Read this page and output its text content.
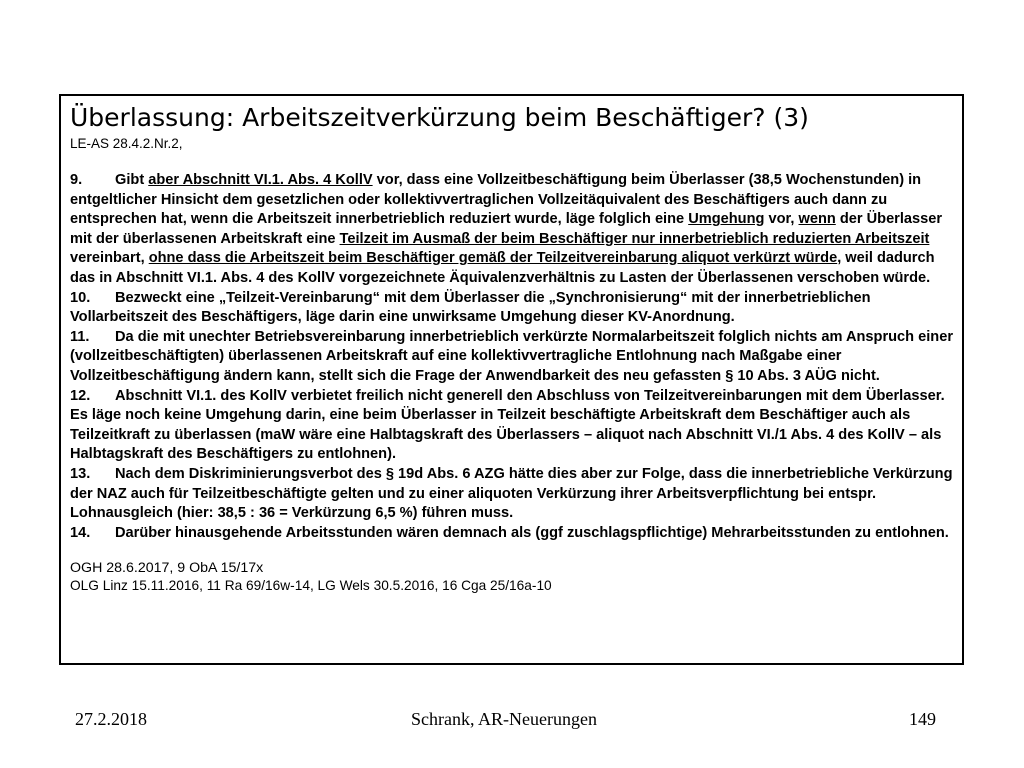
Überlassung: Arbeitszeitverkürzung beim Beschäftiger? (3)
LE-AS 28.4.2.Nr.2,
9. Gibt aber Abschnitt VI.1. Abs. 4 KollV vor, dass eine Vollzeitbeschäftigung beim Überlasser (38,5 Wochenstunden) in entgeltlicher Hinsicht dem gesetzlichen oder kollektivvertraglichen Vollzeitäquivalent des Beschäftigers auch dann zu entsprechen hat, wenn die Arbeitszeit innerbetrieblich reduziert wurde, läge folglich eine Umgehung vor, wenn der Überlasser mit der überlassenen Arbeitskraft eine Teilzeit im Ausmaß der beim Beschäftiger nur innerbetrieblich reduzierten Arbeitszeit vereinbart, ohne dass die Arbeitszeit beim Beschäftiger gemäß der Teilzeitvereinbarung aliquot verkürzt würde, weil dadurch das in Abschnitt VI.1. Abs. 4 des KollV vorgezeichnete Äquivalenzverhältnis zu Lasten der Überlassenen verschoben würde.
10. Bezweckt eine „Teilzeit-Vereinbarung“ mit dem Überlasser die „Synchronisierung“ mit der innerbetrieblichen Vollarbeitszeit des Beschäftigers, läge darin eine unwirksame Umgehung dieser KV-Anordnung.
11. Da die mit unechter Betriebsvereinbarung innerbetrieblich verkürzte Normalarbeitszeit folglich nichts am Anspruch einer (vollzeitbeschäftigten) überlassenen Arbeitskraft auf eine kollektivvertragliche Entlohnung nach Maßgabe einer Vollzeitbeschäftigung ändern kann, stellt sich die Frage der Anwendbarkeit des neu gefassten § 10 Abs. 3 AÜG nicht.
12. Abschnitt VI.1. des KollV verbietet freilich nicht generell den Abschluss von Teilzeitvereinbarungen mit dem Überlasser. Es läge noch keine Umgehung darin, eine beim Überlasser in Teilzeit beschäftigte Arbeitskraft dem Beschäftiger auch als Teilzeitkraft zu überlassen (maW wäre eine Halbtagskraft des Überlassers – aliquot nach Abschnitt VI./1 Abs. 4 des KollV – als Halbtagskraft des Beschäftigers zu entlohnen).
13. Nach dem Diskriminierungsverbot des § 19d Abs. 6 AZG hätte dies aber zur Folge, dass die innerbetriebliche Verkürzung der NAZ auch für Teilzeitbeschäftigte gelten und zu einer aliquoten Verkürzung ihrer Arbeitsverpflichtung bei entspr. Lohnausgleich (hier: 38,5 : 36 = Verkürzung 6,5 %) führen muss.
14. Darüber hinausgehende Arbeitsstunden wären demnach als (ggf zuschlagspflichtige) Mehrarbeitsstunden zu entlohnen.
OGH 28.6.2017, 9 ObA 15/17x
OLG Linz 15.11.2016, 11 Ra 69/16w-14, LG Wels 30.5.2016, 16 Cga 25/16a-10
27.2.2018	Schrank, AR-Neuerungen	149
